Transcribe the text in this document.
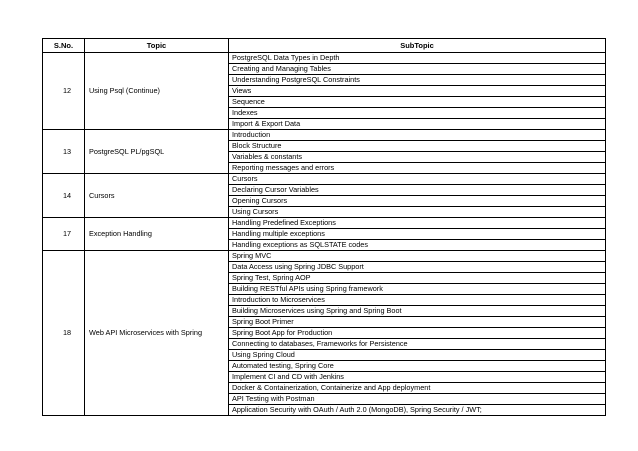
S.No.	Topic	SubTopic
12	Using Psql (Continue)	PostgreSQL Data Types in Depth
		Creating and Managing Tables
		Understanding PostgreSQL Constraints
		Views
		Sequence
		Indexes
		Import & Export Data
13	PostgreSQL PL/pgSQL	Introduction
		Block Structure
		Variables & constants
		Reporting messages and errors
14	Cursors	Cursors
		Declaring Cursor Variables
		Opening Cursors
		Using Cursors
17	Exception Handling	Handling Predefined Exceptions
		Handling multiple exceptions
		Handling exceptions as SQLSTATE codes
18	Web API Microservices with Spring	Spring MVC
		Data Access using Spring JDBC Support
		Spring Test, Spring AOP
		Building RESTful APIs using Spring framework
		Introduction to Microservices
		Building Microservices using Spring and Spring Boot
		Spring Boot Primer
		Spring Boot App for Production
		Connecting to databases, Frameworks for Persistence
		Using Spring Cloud
		Automated testing, Spring Core
		Implement CI and CD with Jenkins
		Docker & Containerization, Containerize and App deployment
		API Testing with Postman
		Application Security with OAuth / Auth 2.0 (MongoDB), Spring Security / JWT;
